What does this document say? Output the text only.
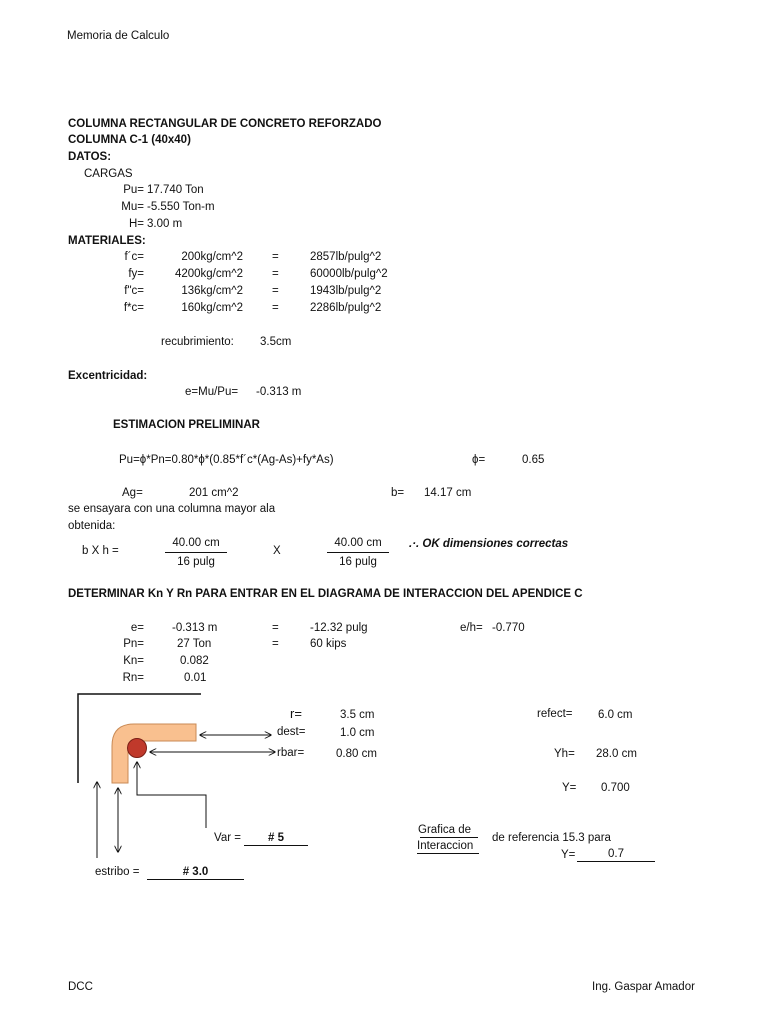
Memoria de Calculo
COLUMNA RECTANGULAR DE CONCRETO REFORZADO
COLUMNA C-1 (40x40)
DATOS:
CARGAS
Pu= 17.740 Ton
Mu= -5.550 Ton-m
H= 3.00 m
MATERIALES:
f´c=	200kg/cm^2	=	2857lb/pulg^2
fy=	4200kg/cm^2	=	60000lb/pulg^2
f"c=	136kg/cm^2	=	1943lb/pulg^2
f*c=	160kg/cm^2	=	2286lb/pulg^2
recubrimiento: 3.5cm
Excentricidad:
e=Mu/Pu= -0.313 m
ESTIMACION PRELIMINAR
Pu=ϕ*Pn=0.80*ϕ*(0.85*f´c*(Ag-As)+fy*As)	ϕ=	0.65
Ag=	201 cm^2	b= 14.17 cm
se ensayara con una columna mayor ala
obtenida:
b X h =	$\frac{40.00 cm}{16 pulg}$	X	$\frac{40.00 cm}{16 pulg}$ .·. OK dimensiones correctas
DETERMINAR Kn Y Rn PARA ENTRAR EN EL DIAGRAMA DE INTERACCION DEL APENDICE C
e= -0.313 m	=	-12.32 pulg	e/h= -0.770
Pn=	27 Ton	=	60 kips
Kn=	0.082
Rn=	0.01
r=	3.5 cm
dest=	1.0 cm
rbar=	0.80 cm
refect= 6.0 cm
Yh= 28.0 cm
Y= 0.700
Var =	# 5
Grafica de
Interaccion
de referencia 15.3 para
Y=	0.7
estribo =	# 3.0
DCC	Ing. Gaspar Amador
